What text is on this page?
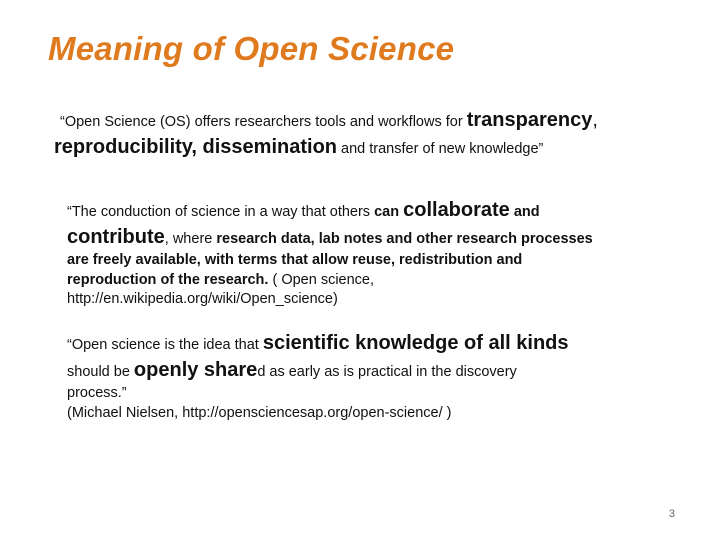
Meaning of Open Science
“Open Science (OS) offers researchers tools and workflows for transparency,
reproducibility, dissemination and transfer of new knowledge”
“The conduction of science in a way that others can collaborate and
contribute, where research data, lab notes and other research processes
are freely available, with terms that allow reuse, redistribution and
reproduction of the research. ( Open science,
http://en.wikipedia.org/wiki/Open_science)
“Open science is the idea that scientific knowledge of all kinds
should be openly shared as early as is practical in the discovery
process.”
(Michael Nielsen, http://opensciencesap.org/open-science/ )
3
